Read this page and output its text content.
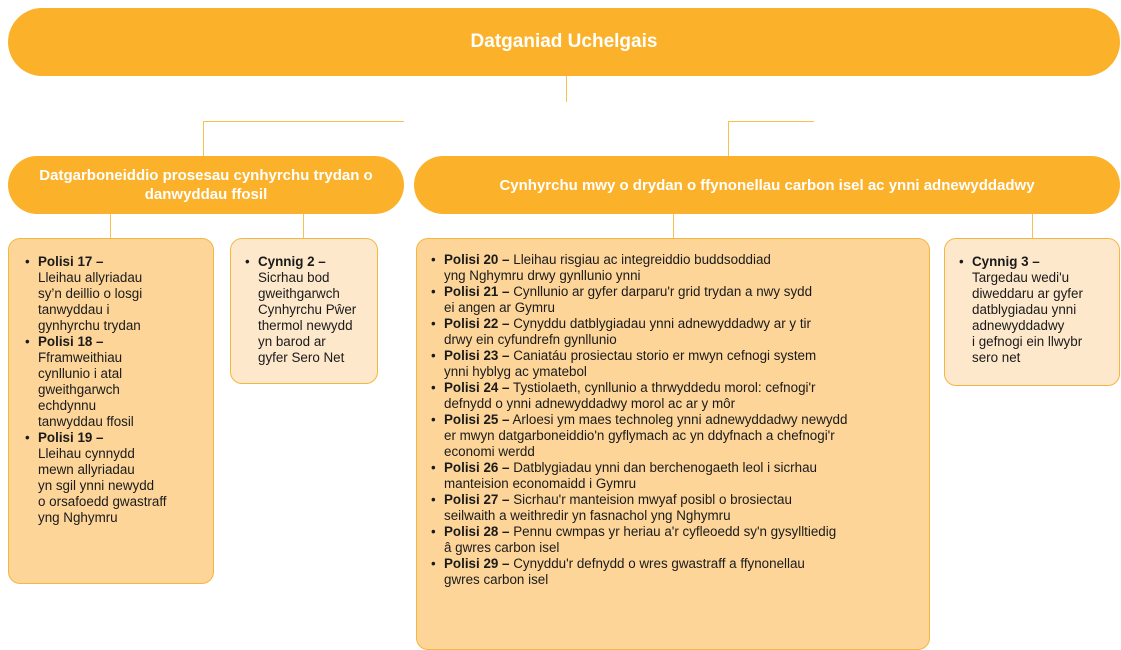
Datganiad Uchelgais
Datgarboneiddio prosesau cynhyrchu trydan o danwyddau ffosil
Cynhyrchu mwy o drydan o ffynonellau carbon isel ac ynni adnewyddadwy
• Polisi 17 –
Lleihau allyriadau
sy’n deillio o losgi
tanwyddau i
gynhyrchu trydan
• Polisi 18 –
Fframweithiau
cynllunio i atal
gweithgarwch
echdynnu
tanwyddau ffosil
• Polisi 19 –
Lleihau cynnydd
mewn allyriadau
yn sgil ynni newydd
o orsafoedd gwastraff
yng Nghymru
• Cynnig 2 –
Sicrhau bod
gweithgarwch
Cynhyrchu Pŵer
thermol newydd
yn barod ar
gyfer Sero Net
• Polisi 20 – Lleihau risgiau ac integreiddio buddsoddiad
yng Nghymru drwy gynllunio ynni
• Polisi 21 – Cynllunio ar gyfer darparu'r grid trydan a nwy sydd
ei angen ar Gymru
• Polisi 22 – Cynyddu datblygiadau ynni adnewyddadwy ar y tir
drwy ein cyfundrefn gynllunio
• Polisi 23 – Caniatáu prosiectau storio er mwyn cefnogi system
ynni hyblyg ac ymatebol
• Polisi 24 – Tystiolaeth, cynllunio a thrwyddedu morol: cefnogi'r
defnydd o ynni adnewyddadwy morol ac ar y môr
• Polisi 25 – Arloesi ym maes technoleg ynni adnewyddadwy newydd
er mwyn datgarboneiddio'n gyflymach ac yn ddyfnach a chefnogi'r
economi werdd
• Polisi 26 – Datblygiadau ynni dan berchenogaeth leol i sicrhau
manteision economaidd i Gymru
• Polisi 27 – Sicrhau'r manteision mwyaf posibl o brosiectau
seilwaith a weithredir yn fasnachol yng Nghymru
• Polisi 28 – Pennu cwmpas yr heriau a'r cyfleoedd sy'n gysylltiedig
â gwres carbon isel
• Polisi 29 – Cynyddu'r defnydd o wres gwastraff a ffynonellau
gwres carbon isel
• Cynnig 3 –
Targedau wedi'u
diweddaru ar gyfer
datblygiadau ynni
adnewyddadwy
i gefnogi ein llwybr
sero net
